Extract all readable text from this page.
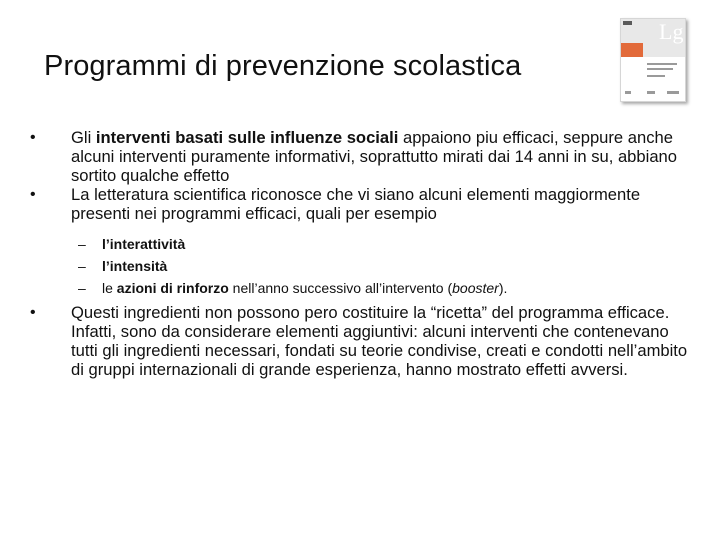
Programmi di prevenzione scolastica
Lg

• Gli interventi basati sulle influenze sociali appaiono piu efficaci, seppure anche alcuni interventi puramente informativi, soprattutto mirati dai 14 anni in su, abbiano sortito qualche effetto

• La letteratura scientifica riconosce che vi siano alcuni elementi maggiormente presenti nei programmi efficaci, quali per esempio

– l’interattività

– l’intensità

– le azioni di rinforzo nell’anno successivo all’intervento (booster).

• Questi ingredienti non possono pero costituire la “ricetta” del programma efficace. Infatti, sono da considerare elementi aggiuntivi: alcuni interventi che contenevano tutti gli ingredienti necessari, fondati su teorie condivise, creati e condotti nell’ambito di gruppi internazionali di grande esperienza, hanno mostrato effetti avversi.
